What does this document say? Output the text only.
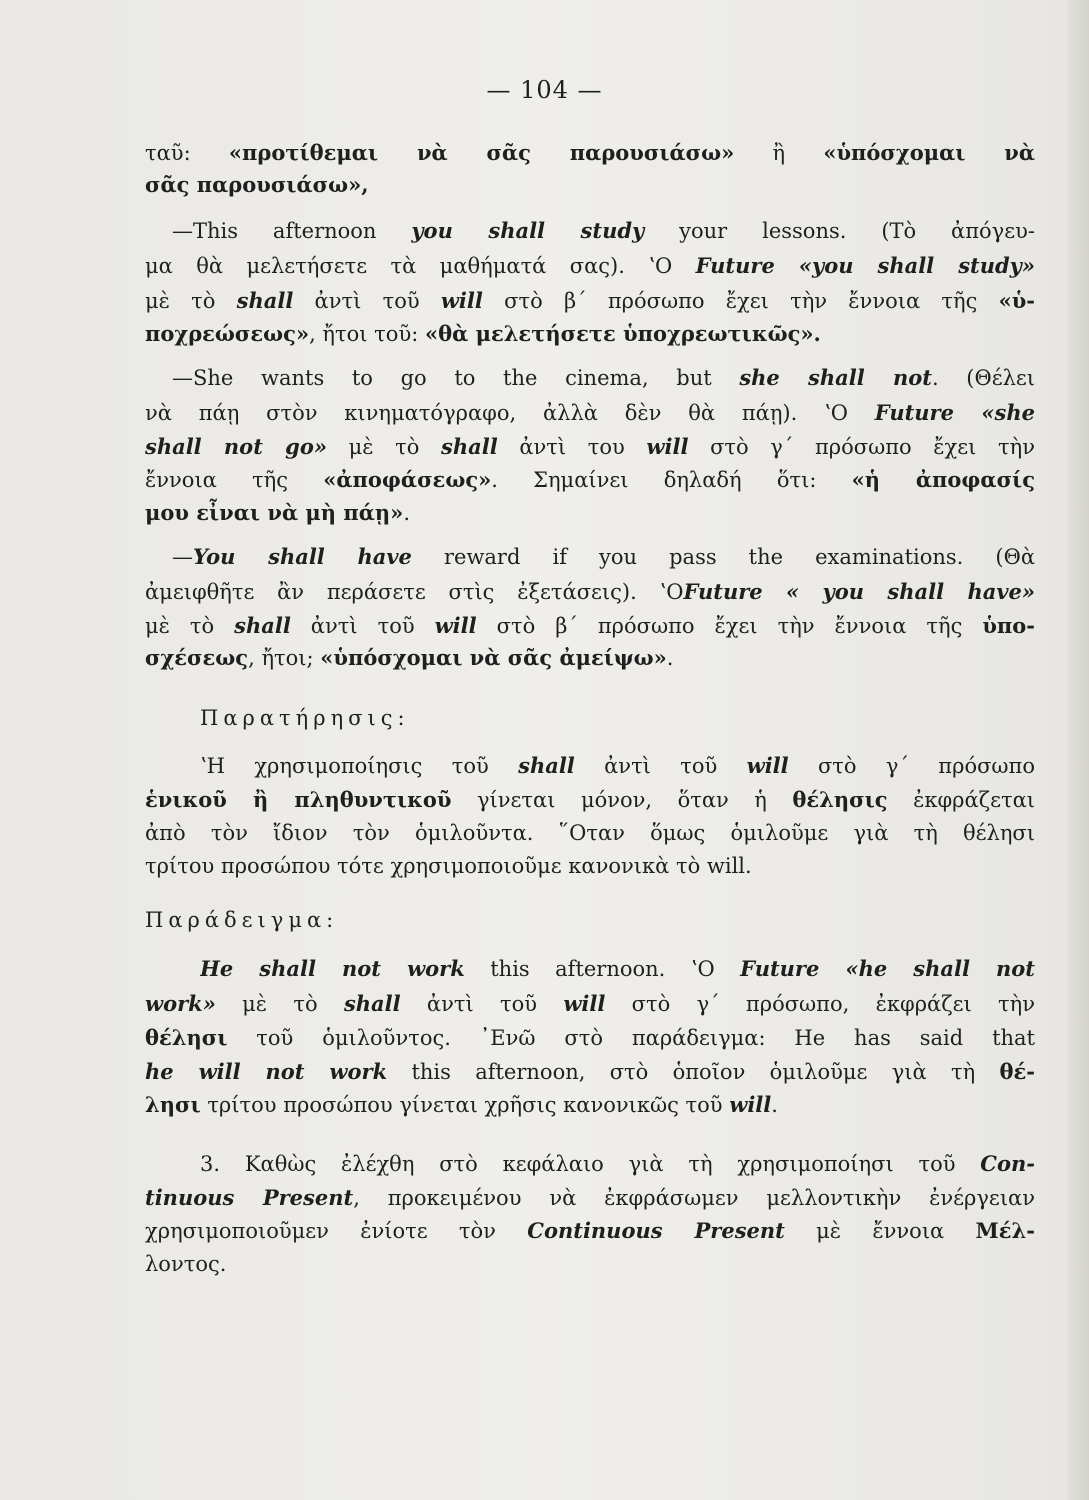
— 104 —
ταῦ: «προτίθεμαι νὰ σᾶς παρουσιάσω» ἢ «ὑπόσχομαι νὰ
σᾶς παρουσιάσω»,
—This afternoon you shall study your lessons. (Τὸ ἀπόγευ-
μα θὰ μελετήσετε τὰ μαθήματά σας). ʽΟ Future «you shall study»
μὲ τὸ shall ἀντὶ τοῦ will στὸ β΄ πρόσωπο ἔχει τὴν ἔννοια τῆς «ὑ-
ποχρεώσεως», ἤτοι τοῦ: «θὰ μελετήσετε ὑποχρεωτικῶς».
—She wants to go to the cinema, but she shall not. (Θέλει
νὰ πάῃ στὸν κινηματόγραφο, ἀλλὰ δὲν θὰ πάῃ). ʽΟ Future «she
shall not go» μὲ τὸ shall ἀντὶ του will στὸ γ΄ πρόσωπο ἔχει τὴν
ἔννοια τῆς «ἀποφάσεως». Σημαίνει δηλαδή ὅτι: «ἡ ἀποφασίς
μου εἶναι νὰ μὴ πάῃ».
—You shall have reward if you pass the examinations. (Θὰ
ἀμειφθῆτε ἂν περάσετε στὶς ἐξετάσεις). ʽΟFuture « you shall have»
μὲ τὸ shall ἀντὶ τοῦ will στὸ β΄ πρόσωπο ἔχει τὴν ἔννοια τῆς ὑπο-
σχέσεως, ἤτοι; «ὑπόσχομαι νὰ σᾶς ἀμείψω».
Παρατήρησις:
ʽΗ χρησιμοποίησις τοῦ shall ἀντὶ τοῦ will στὸ γ΄ πρόσωπο
ἑνικοῦ ἢ πληθυντικοῦ γίνεται μόνον, ὅταν ἡ θέλησις ἐκφράζεται
ἀπὸ τὸν ἴδιον τὸν ὁμιλοῦντα. ῞Οταν ὅμως ὁμιλοῦμε γιὰ τὴ θέλησι
τρίτου προσώπου τότε χρησιμοποιοῦμε κανονικὰ τὸ will.
Παράδειγμα:
He shall not work this afternoon. ʽΟ Future «he shall not
work» μὲ τὸ shall ἀντὶ τοῦ will στὸ γ΄ πρόσωπο, ἐκφράζει τὴν
θέλησι τοῦ ὁμιλοῦντος. ᾿Ενῶ στὸ παράδειγμα: He has said that
he will not work this afternoon, στὸ ὁποῖον ὁμιλοῦμε γιὰ τὴ θέ-
λησι τρίτου προσώπου γίνεται χρῆσις κανονικῶς τοῦ will.
3. Καθὼς ἐλέχθη στὸ κεφάλαιο γιὰ τὴ χρησιμοποίησι τοῦ Con-
tinuous Present, προκειμένου νὰ ἐκφράσωμεν μελλοντικὴν ἐνέργειαν
χρησιμοποιοῦμεν ἐνίοτε τὸν Continuous Present μὲ ἔννοια Μέλ-
λοντος.
